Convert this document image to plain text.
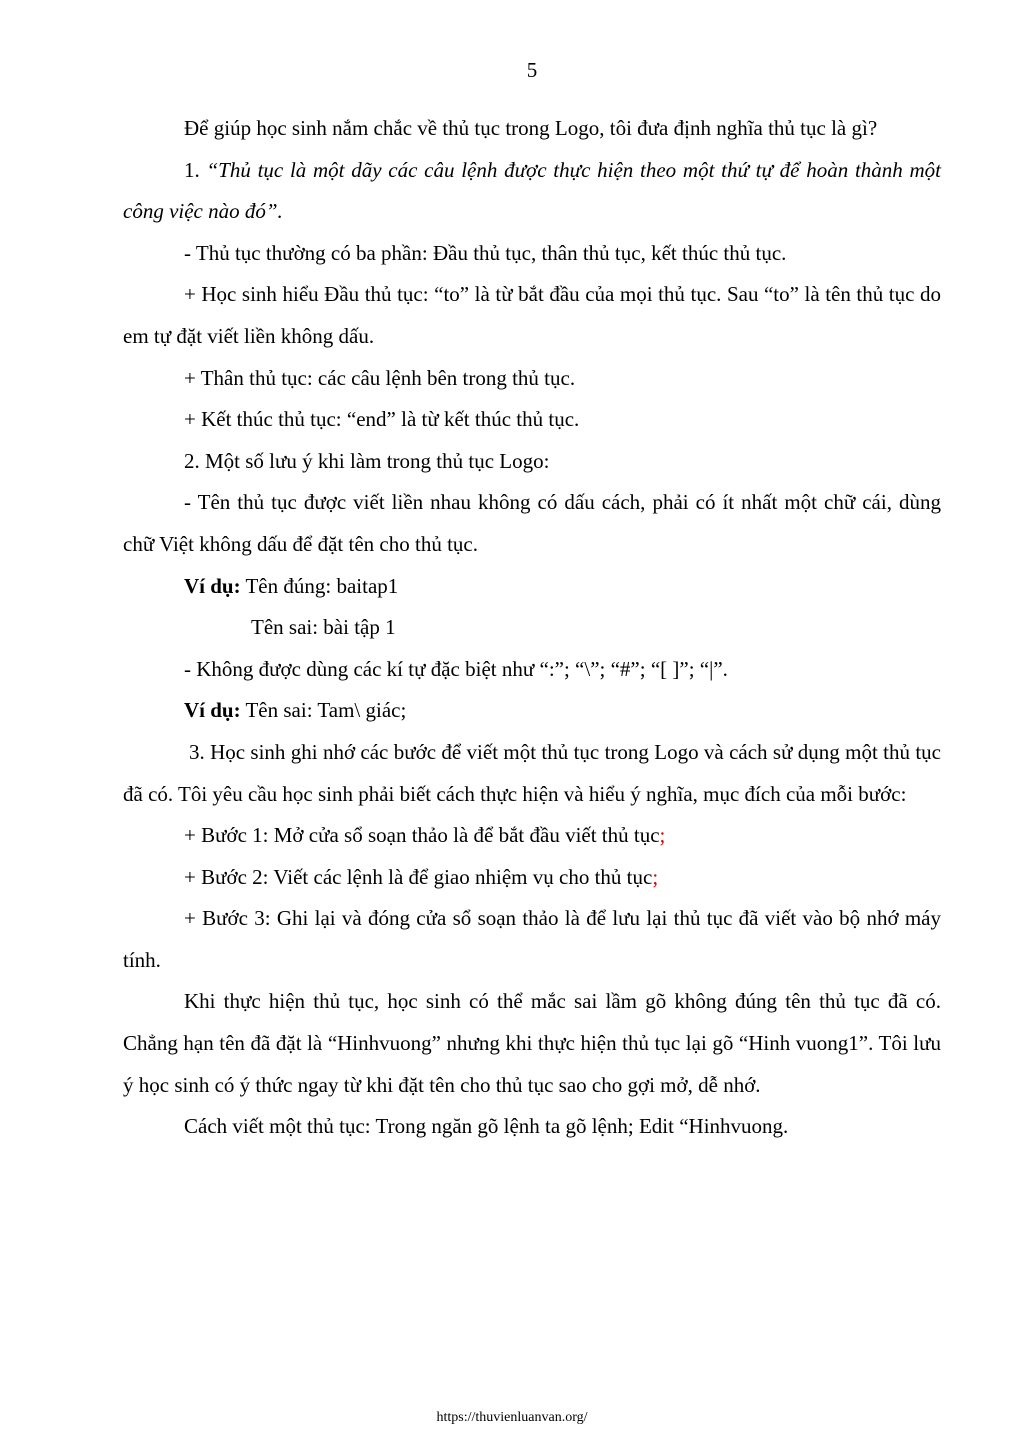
5

Để giúp học sinh nắm chắc về thủ tục trong Logo, tôi đưa định nghĩa thủ tục là gì?

1. “Thủ tục là một dãy các câu lệnh được thực hiện theo một thứ tự để hoàn thành một công việc nào đó”.

- Thủ tục thường có ba phần: Đầu thủ tục, thân thủ tục, kết thúc thủ tục.

+ Học sinh hiểu Đầu thủ tục: “to” là từ bắt đầu của mọi thủ tục. Sau “to” là tên thủ tục do em tự đặt viết liền không dấu.

+ Thân thủ tục: các câu lệnh bên trong thủ tục.

+ Kết thúc thủ tục: “end” là từ kết thúc thủ tục.

2. Một số lưu ý khi làm trong thủ tục Logo:

- Tên thủ tục được viết liền nhau không có dấu cách, phải có ít nhất một chữ cái, dùng chữ Việt không dấu để đặt tên cho thủ tục.

Ví dụ: Tên đúng: baitap1

Tên sai: bài tập 1

- Không được dùng các kí tự đặc biệt như “:”; “\”; “#”; “[ ]”; “|”.

Ví dụ: Tên sai: Tam\ giác;

3. Học sinh ghi nhớ các bước để viết một thủ tục trong Logo và cách sử dụng một thủ tục đã có. Tôi yêu cầu học sinh phải biết cách thực hiện và hiểu ý nghĩa, mục đích của mỗi bước:

+ Bước 1: Mở cửa sổ soạn thảo là để bắt đầu viết thủ tục;

+ Bước 2: Viết các lệnh là để giao nhiệm vụ cho thủ tục;

+ Bước 3: Ghi lại và đóng cửa sổ soạn thảo là để lưu lại thủ tục đã viết vào bộ nhớ máy tính.

Khi thực hiện thủ tục, học sinh có thể mắc sai lầm gõ không đúng tên thủ tục đã có. Chẳng hạn tên đã đặt là “Hinhvuong” nhưng khi thực hiện thủ tục lại gõ “Hinh vuong1”. Tôi lưu ý học sinh có ý thức ngay từ khi đặt tên cho thủ tục sao cho gợi mở, dễ nhớ.

Cách viết một thủ tục: Trong ngăn gõ lệnh ta gõ lệnh; Edit “Hinhvuong.

https://thuvienluanvan.org/
